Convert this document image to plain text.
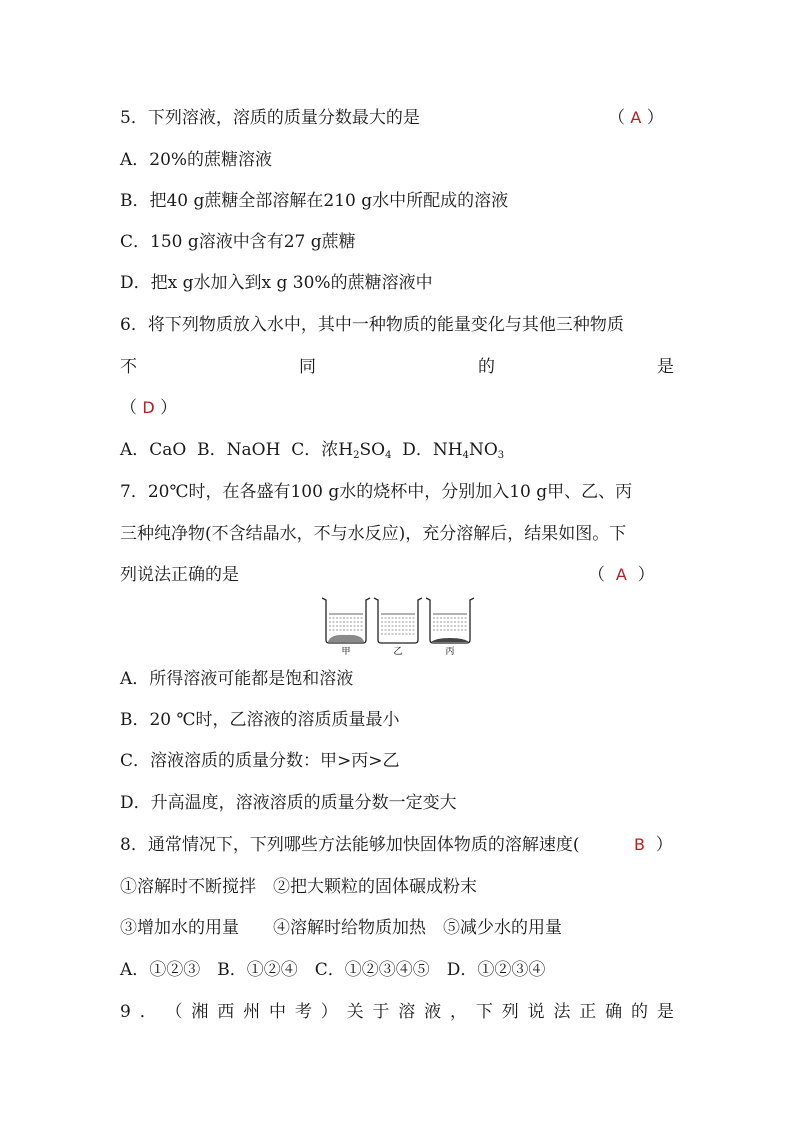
5．下列溶液，溶质的质量分数最大的是	（ A ）
A．20%的蔗糖溶液
B．把40 g蔗糖全部溶解在210 g水中所配成的溶液
C．150 g溶液中含有27 g蔗糖
D．把x g水加入到x g 30%的蔗糖溶液中
6．将下列物质放入水中，其中一种物质的能量变化与其他三种物质
不	同	的	是
（ D ）
A．CaO B．NaOH C．浓$H_2SO_4$ D．$NH_4NO_3$
7．20℃时，在各盛有100 g水的烧杯中，分别加入10 g甲、乙、丙
三种纯净物(不含结晶水，不与水反应)，充分溶解后，结果如图。下
列说法正确的是	（ A ）
甲	乙	丙
A．所得溶液可能都是饱和溶液
B．20 ℃时，乙溶液的溶质质量最小
C．溶液溶质的质量分数：甲>丙>乙
D．升高温度，溶液溶质的质量分数一定变大
8．通常情况下，下列哪些方法能够加快固体物质的溶解速度(	B ）
①溶解时不断搅拌　②把大颗粒的固体碾成粉末
③增加水的用量　　④溶解时给物质加热　⑤减少水的用量
A．①②③　B．①②④　C．①②③④⑤　D．①②③④
9 ． （ 湘 西 州 中 考 ） 关 于 溶 液 ， 下 列 说 法 正 确 的 是
